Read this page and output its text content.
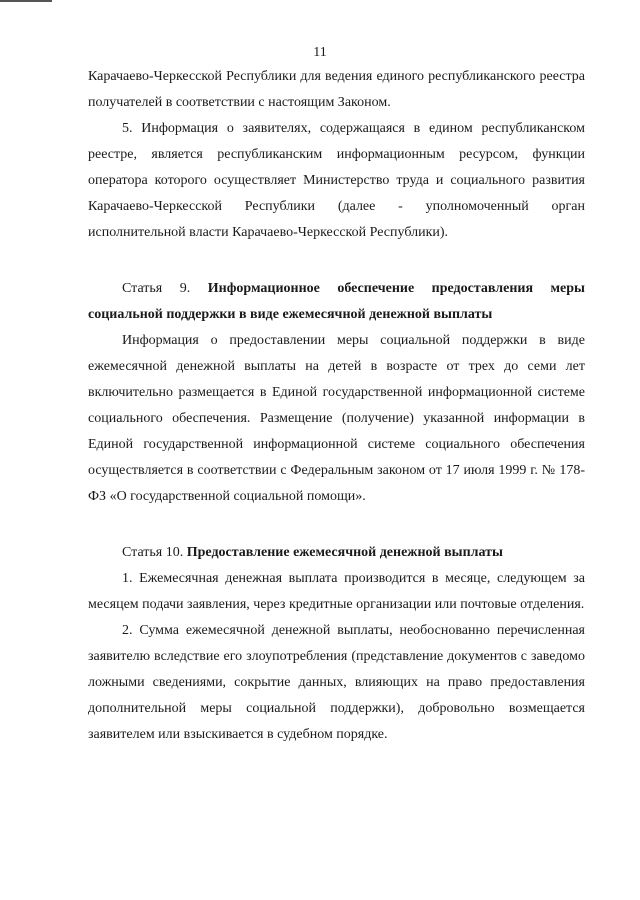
11

Карачаево-Черкесской Республики для ведения единого республиканского реестра получателей в соответствии с настоящим Законом.

5. Информация о заявителях, содержащаяся в едином республиканском реестре, является республиканским информационным ресурсом, функции оператора которого осуществляет Министерство труда и социального развития Карачаево-Черкесской Республики (далее - уполномоченный орган исполнительной власти Карачаево-Черкесской Республики).

Статья 9. Информационное обеспечение предоставления меры социальной поддержки в виде ежемесячной денежной выплаты

Информация о предоставлении меры социальной поддержки в виде ежемесячной денежной выплаты на детей в возрасте от трех до семи лет включительно размещается в Единой государственной информационной системе социального обеспечения. Размещение (получение) указанной информации в Единой государственной информационной системе социального обеспечения осуществляется в соответствии с Федеральным законом от 17 июля 1999 г. № 178-ФЗ «О государственной социальной помощи».

Статья 10. Предоставление ежемесячной денежной выплаты

1. Ежемесячная денежная выплата производится в месяце, следующем за месяцем подачи заявления, через кредитные организации или почтовые отделения.

2. Сумма ежемесячной денежной выплаты, необоснованно перечисленная заявителю вследствие его злоупотребления (представление документов с заведомо ложными сведениями, сокрытие данных, влияющих на право предоставления дополнительной меры социальной поддержки), добровольно возмещается заявителем или взыскивается в судебном порядке.
